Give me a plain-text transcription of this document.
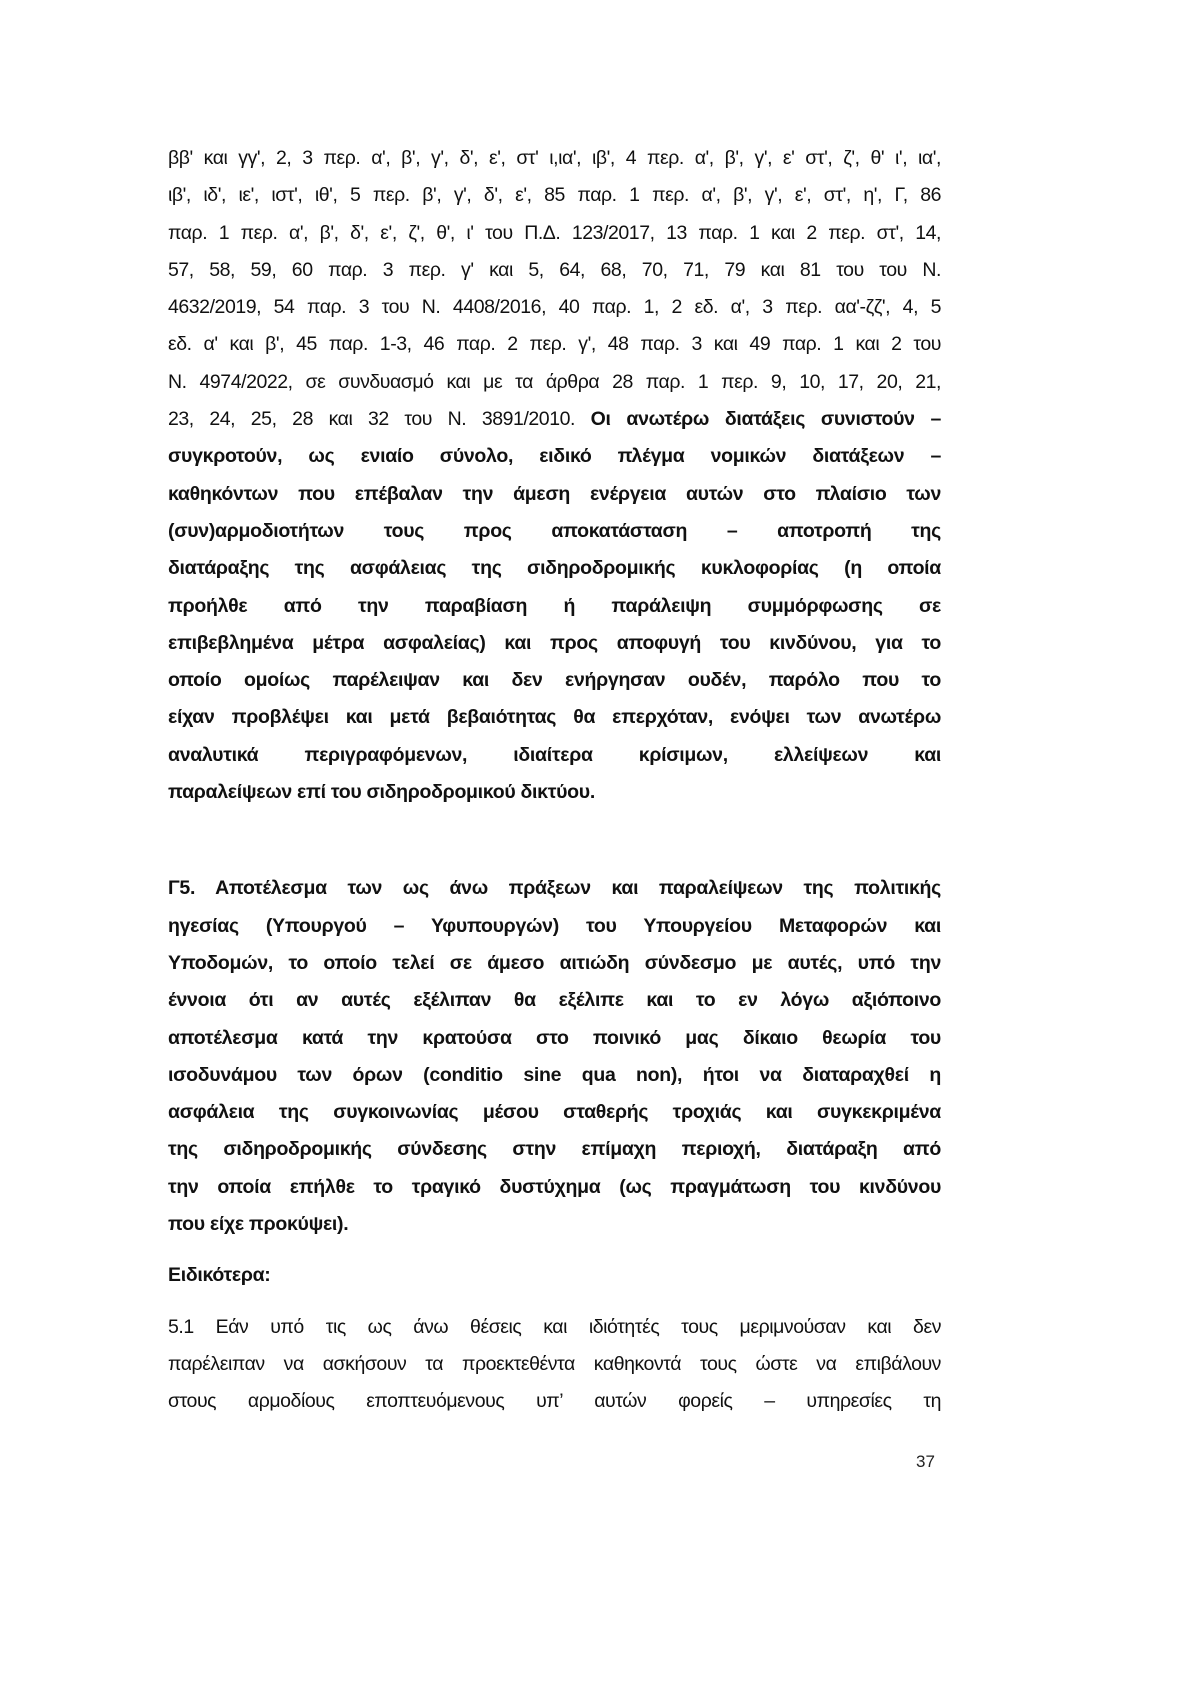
ββ' και γγ', 2, 3 περ. α', β', γ', δ', ε', στ' ι,ια', ιβ', 4 περ. α', β', γ', ε' στ', ζ', θ' ι', ια',
ιβ', ιδ', ιε', ιστ', ιθ', 5 περ. β', γ', δ', ε', 85 παρ. 1 περ. α', β', γ', ε', στ', η', Γ, 86
παρ. 1 περ. α', β', δ', ε', ζ', θ', ι' του Π.Δ. 123/2017, 13 παρ. 1 και 2 περ. στ', 14,
57, 58, 59, 60 παρ. 3 περ. γ' και 5, 64, 68, 70, 71, 79 και 81 του του Ν.
4632/2019, 54 παρ. 3 του Ν. 4408/2016, 40 παρ. 1, 2 εδ. α', 3 περ. αα'-ζζ', 4, 5
εδ. α' και β', 45 παρ. 1-3, 46 παρ. 2 περ. γ', 48 παρ. 3 και 49 παρ. 1 και 2 του
Ν. 4974/2022, σε συνδυασμό και με τα άρθρα 28 παρ. 1 περ. 9, 10, 17, 20, 21,
23, 24, 25, 28 και 32 του Ν. 3891/2010. Οι ανωτέρω διατάξεις συνιστούν –
συγκροτούν, ως ενιαίο σύνολο, ειδικό πλέγμα νομικών διατάξεων –
καθηκόντων που επέβαλαν την άμεση ενέργεια αυτών στο πλαίσιο των
(συν)αρμοδιοτήτων τους προς αποκατάσταση – αποτροπή της
διατάραξης της ασφάλειας της σιδηροδρομικής κυκλοφορίας (η οποία
προήλθε από την παραβίαση ή παράλειψη συμμόρφωσης σε
επιβεβλημένα μέτρα ασφαλείας) και προς αποφυγή του κινδύνου, για το
οποίο ομοίως παρέλειψαν και δεν ενήργησαν ουδέν, παρόλο που το
είχαν προβλέψει και μετά βεβαιότητας θα επερχόταν, ενόψει των ανωτέρω
αναλυτικά περιγραφόμενων, ιδιαίτερα κρίσιμων, ελλείψεων και
παραλείψεων επί του σιδηροδρομικού δικτύου.
Γ5. Αποτέλεσμα των ως άνω πράξεων και παραλείψεων της πολιτικής
ηγεσίας (Υπουργού – Υφυπουργών) του Υπουργείου Μεταφορών και
Υποδομών, το οποίο τελεί σε άμεσο αιτιώδη σύνδεσμο με αυτές, υπό την
έννοια ότι αν αυτές εξέλιπαν θα εξέλιπε και το εν λόγω αξιόποινο
αποτέλεσμα κατά την κρατούσα στο ποινικό μας δίκαιο θεωρία του
ισοδυνάμου των όρων (conditio sine qua non), ήτοι να διαταραχθεί η
ασφάλεια της συγκοινωνίας μέσου σταθερής τροχιάς και συγκεκριμένα
της σιδηροδρομικής σύνδεσης στην επίμαχη περιοχή, διατάραξη από
την οποία επήλθε το τραγικό δυστύχημα (ως πραγμάτωση του κινδύνου
που είχε προκύψει).
Ειδικότερα:
5.1 Εάν υπό τις ως άνω θέσεις και ιδιότητές τους μεριμνούσαν και δεν
παρέλειπαν να ασκήσουν τα προεκτεθέντα καθηκοντά τους ώστε να επιβάλουν
στους αρμοδίους εποπτευόμενους υπ’ αυτών φορείς – υπηρεσίες τη
37
